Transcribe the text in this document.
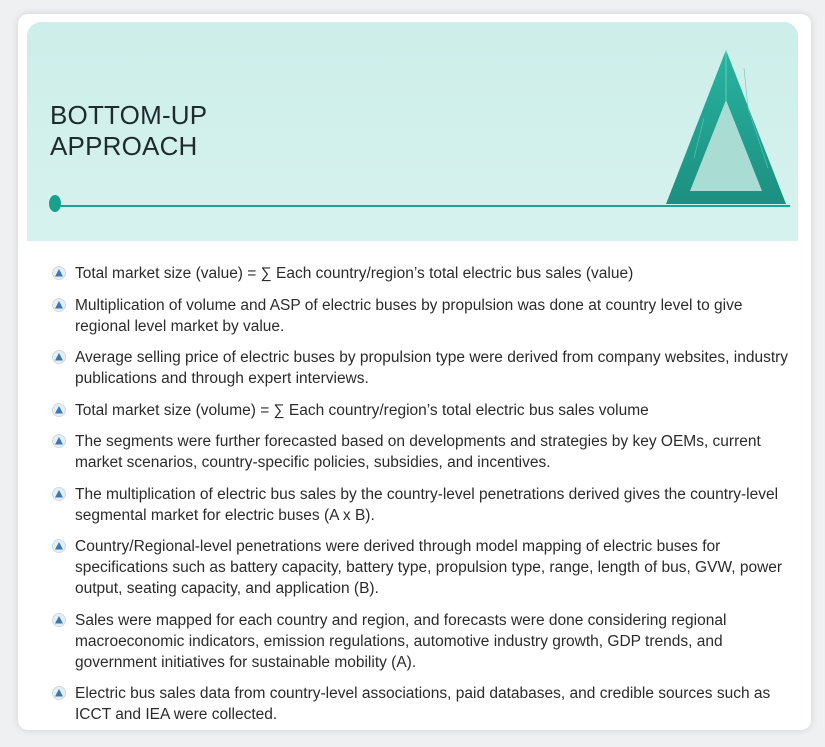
BOTTOM-UP
APPROACH
Total market size (value) = ∑ Each country/region’s total electric bus sales (value)
Multiplication of volume and ASP of electric buses by propulsion was done at country level to give regional level market by value.
Average selling price of electric buses by propulsion type were derived from company websites, industry publications and through expert interviews.
Total market size (volume) = ∑ Each country/region’s total electric bus sales volume
The segments were further forecasted based on developments and strategies by key OEMs, current market scenarios, country-specific policies, subsidies, and incentives.
The multiplication of electric bus sales by the country-level penetrations derived gives the country-level segmental market for electric buses (A x B).
Country/Regional-level penetrations were derived through model mapping of electric buses for specifications such as battery capacity, battery type, propulsion type, range, length of bus, GVW, power output, seating capacity, and application (B).
Sales were mapped for each country and region, and forecasts were done considering regional macroeconomic indicators, emission regulations, automotive industry growth, GDP trends, and government initiatives for sustainable mobility (A).
Electric bus sales data from country-level associations, paid databases, and credible sources such as ICCT and IEA were collected.
